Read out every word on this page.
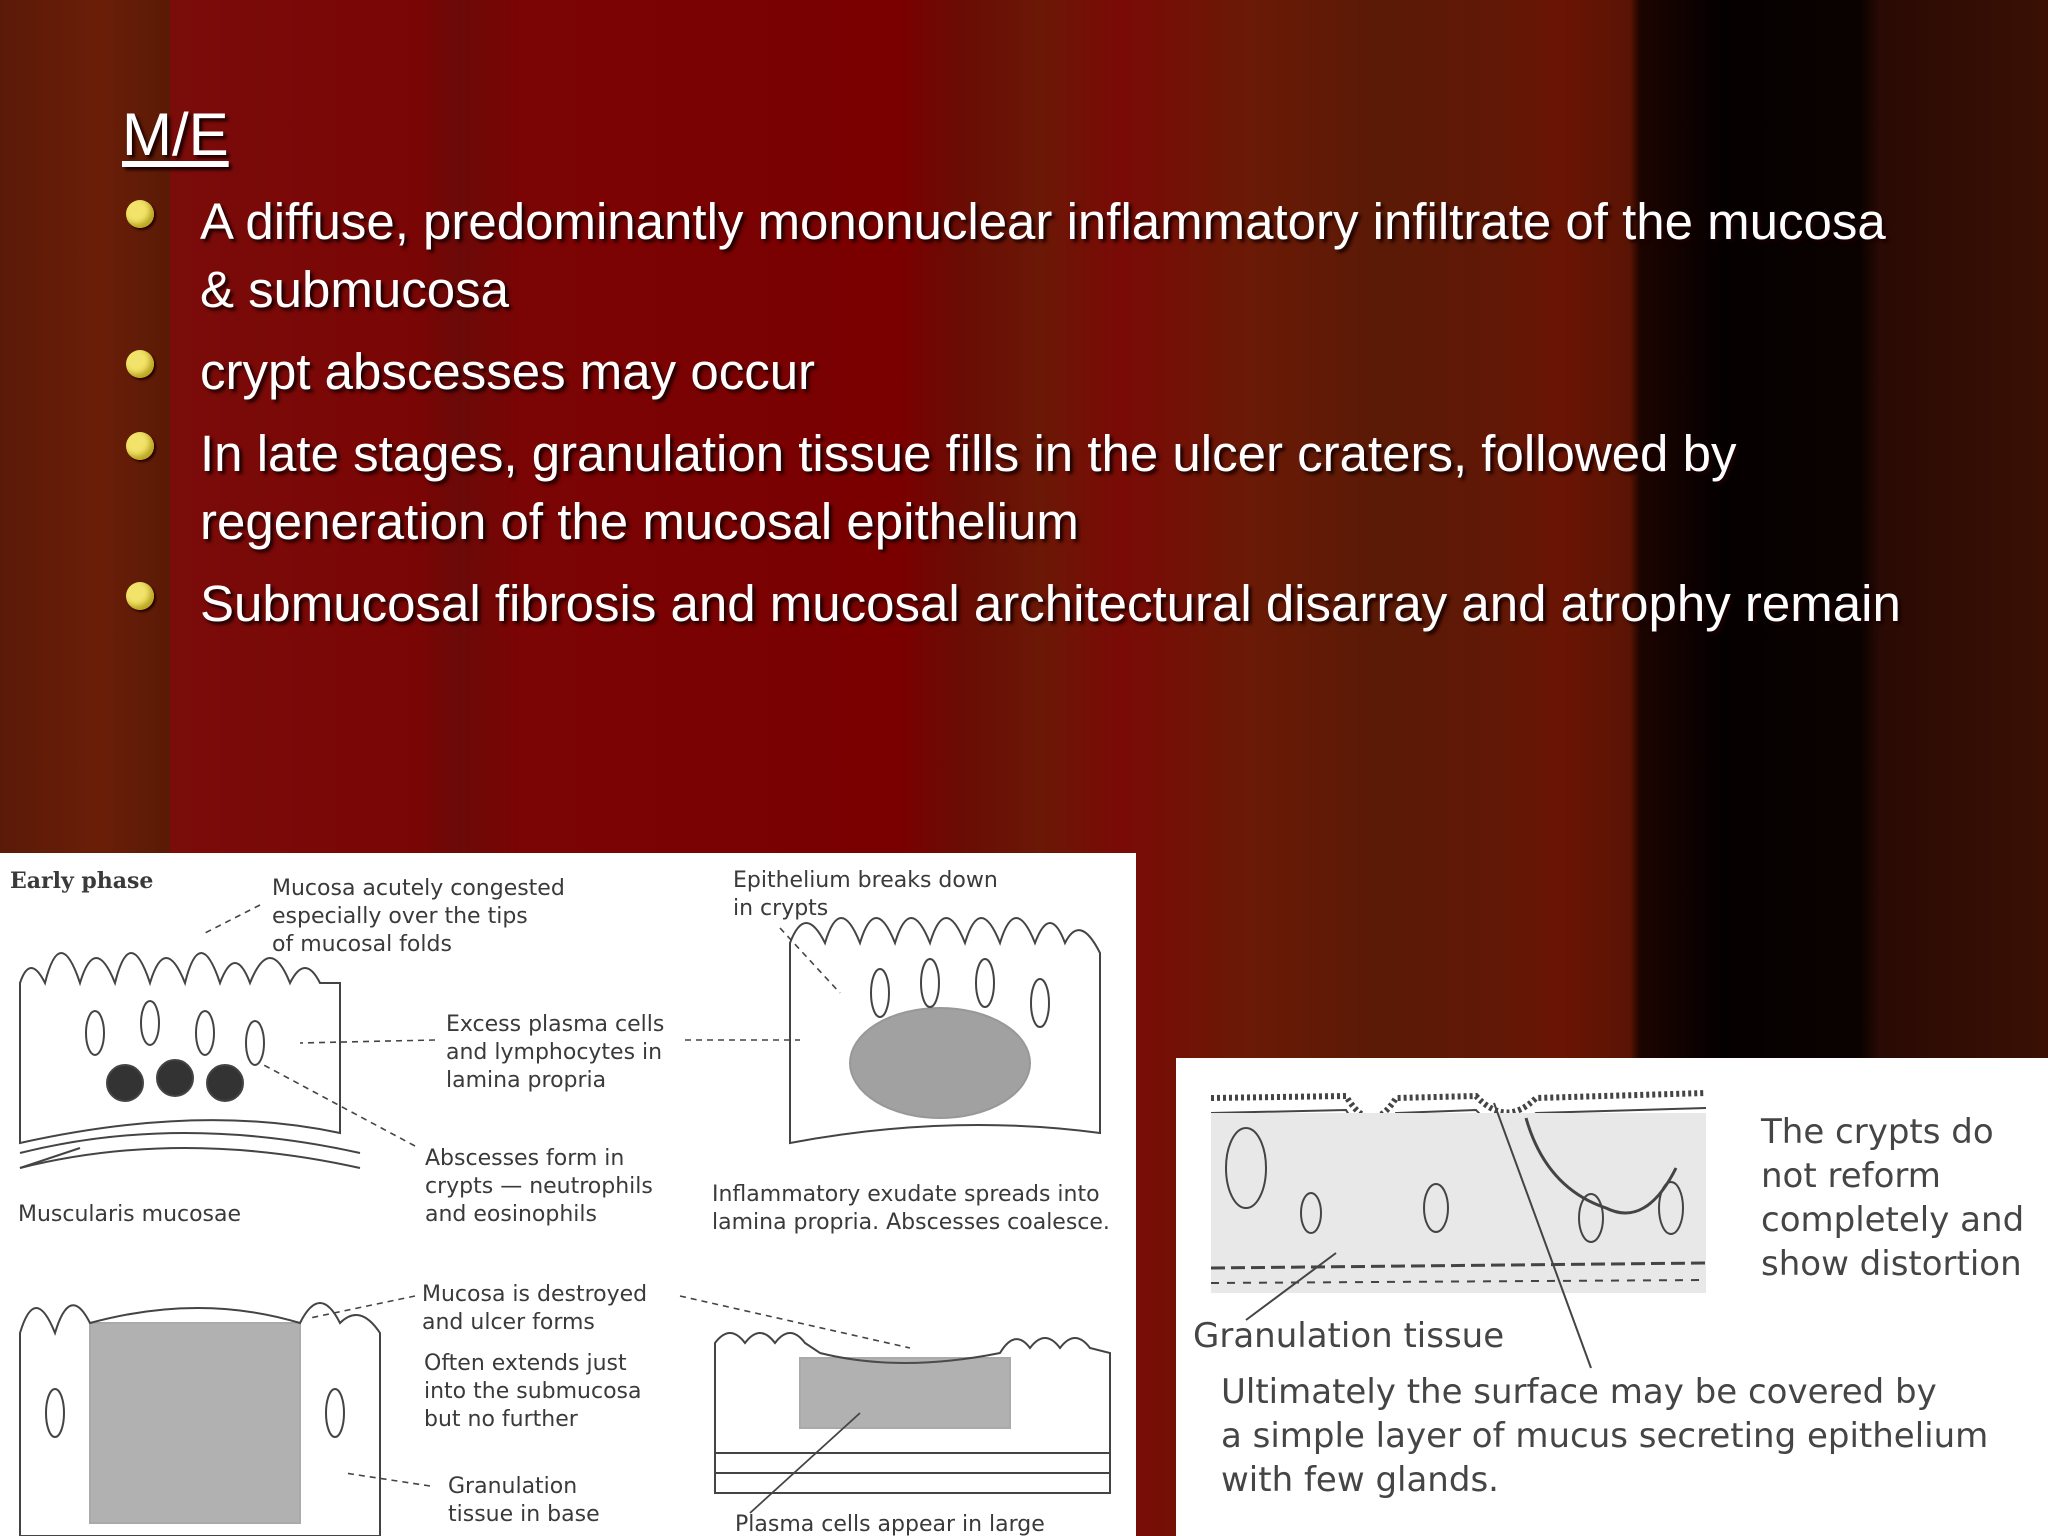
M/E
A diffuse, predominantly mononuclear inflammatory infiltrate of the mucosa & submucosa
crypt abscesses may occur
In late stages, granulation tissue fills in the ulcer craters, followed by regeneration of the mucosal epithelium
Submucosal fibrosis and mucosal architectural disarray and atrophy remain
Early phase	Mucosa acutely congested
especially over the tips
of mucosal folds
Excess plasma cells
and lymphocytes in
lamina propria
Abscesses form in
crypts — neutrophils
and eosinophils
Muscularis mucosae
Epithelium breaks down
in crypts
Inflammatory exudate spreads into
lamina propria. Abscesses coalesce.
Mucosa is destroyed
and ulcer forms
Often extends just
into the submucosa
but no further
Granulation
tissue in base	Plasma cells appear in large
The crypts do
not reform
completely and
show distortion
Granulation tissue
Ultimately the surface may be covered by
a simple layer of mucus secreting epithelium
with few glands.
